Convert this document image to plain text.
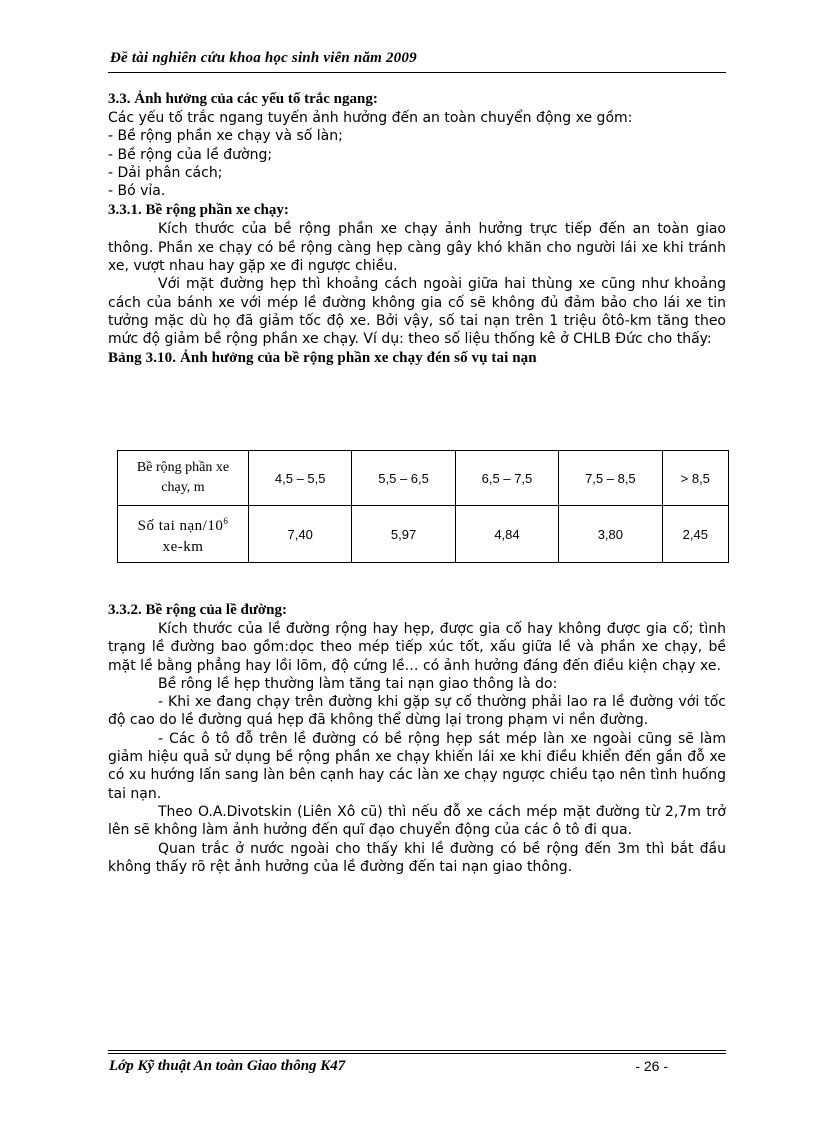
Đề tài nghiên cứu khoa học sinh viên năm 2009

3.3. Ảnh hưởng của các yếu tố trắc ngang:

Các yếu tố trắc ngang tuyến ảnh hưởng đến an toàn chuyển động xe gồm:

- Bề rộng phần xe chạy và số làn;

- Bề rộng của lề đường;

- Dải phân cách;

- Bó vỉa.

3.3.1. Bề rộng phần xe chạy:

Kích thước của bề rộng phần xe chạy ảnh hưởng trực tiếp đến an toàn giao thông. Phần xe chạy có bề rộng càng hẹp càng gây khó khăn cho người lái xe khi tránh xe, vượt nhau hay gặp xe đi ngược chiều.

Với mặt đường hẹp thì khoảng cách ngoài giữa hai thùng xe cũng như khoảng cách của bánh xe với mép lề đường không gia cố sẽ không đủ đảm bảo cho lái xe tin tưởng mặc dù họ đã giảm tốc độ xe. Bởi vậy, số tai nạn trên 1 triệu ôtô-km tăng theo mức độ giảm bề rộng phần xe chạy. Ví dụ: theo số liệu thống kê ở CHLB Đức cho thấy:

Bảng 3.10. Ảnh hưởng của bề rộng phần xe chạy đén số vụ tai nạn

Bề rộng phần xe chạy, m	4,5 – 5,5	5,5 – 6,5	6,5 – 7,5	7,5 – 8,5	> 8,5
Số tai nạn/$10^6$
xe-km	7,40	5,97	4,84	3,80	2,45

3.3.2. Bề rộng của lề đường:

Kích thước của lề đường rộng hay hẹp, được gia cố hay không được gia cố; tình trạng lề đường bao gồm:dọc theo mép tiếp xúc tốt, xấu giữa lề và phần xe chạy, bề mặt lề bằng phẳng hay lồi lõm, độ cứng lề… có ảnh hưởng đáng đến điều kiện chạy xe.

Bề rông lề hẹp thường làm tăng tai nạn giao thông là do:

- Khi xe đang chạy trên đường khi gặp sự cố thường phải lao ra lề đường với tốc độ cao do lề đường quá hẹp đã không thể dừng lại trong phạm vi nền đường.

- Các ô tô đỗ trên lề đường có bề rộng hẹp sát mép làn xe ngoài cũng sẽ làm giảm hiệu quả sử dụng bề rộng phần xe chạy khiến lái xe khi điều khiển đến gần đỗ xe có xu hướng lấn sang làn bên cạnh hay các làn xe chạy ngược chiều tạo nên tình huống tai nạn.

Theo O.A.Divotskin (Liên Xô cũ) thì nếu đỗ xe cách mép mặt đường từ 2,7m trở lên sẽ không làm ảnh hưởng đến quĩ đạo chuyển động của các ô tô đi qua.

Quan trắc ở nước ngoài cho thấy khi lề đường có bề rộng đến 3m thì bắt đầu không thấy rõ rệt ảnh hưởng của lề đường đến tai nạn giao thông.

Lớp Kỹ thuật An toàn Giao thông K47	- 26 -
